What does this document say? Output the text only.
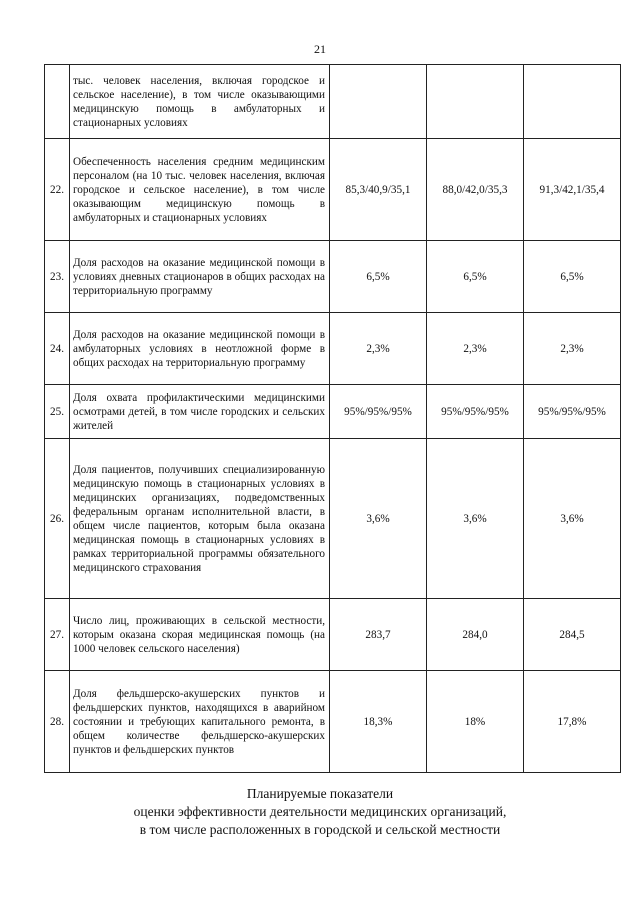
21
	тыс. человек населения, включая городское и сельское население), в том числе оказывающими медицинскую помощь в амбулаторных и стационарных условиях			
22.	Обеспеченность населения средним медицинским персоналом (на 10 тыс. человек населения, включая городское и сельское население), в том числе оказывающим медицинскую помощь в амбулаторных и стационарных условиях	85,3/40,9/35,1	88,0/42,0/35,3	91,3/42,1/35,4
23.	Доля расходов на оказание медицинской помощи в условиях дневных стационаров в общих расходах на территориальную программу	6,5%	6,5%	6,5%
24.	Доля расходов на оказание медицинской помощи в амбулаторных условиях в неотложной форме в общих расходах на территориальную программу	2,3%	2,3%	2,3%
25.	Доля охвата профилактическими медицинскими осмотрами детей, в том числе городских и сельских жителей	95%/95%/95%	95%/95%/95%	95%/95%/95%
26.	Доля пациентов, получивших специализированную медицинскую помощь в стационарных условиях в медицинских организациях, подведомственных федеральным органам исполнительной власти, в общем числе пациентов, которым была оказана медицинская помощь в стационарных условиях в рамках территориальной программы обязательного медицинского страхования	3,6%	3,6%	3,6%
27.	Число лиц, проживающих в сельской местности, которым оказана скорая медицинская помощь (на 1000 человек сельского населения)	283,7	284,0	284,5
28.	Доля фельдшерско-акушерских пунктов и фельдшерских пунктов, находящихся в аварийном состоянии и требующих капитального ремонта, в общем количестве фельдшерско-акушерских пунктов и фельдшерских пунктов	18,3%	18%	17,8%
Планируемые показатели
оценки эффективности деятельности медицинских организаций,
в том числе расположенных в городской и сельской местности
